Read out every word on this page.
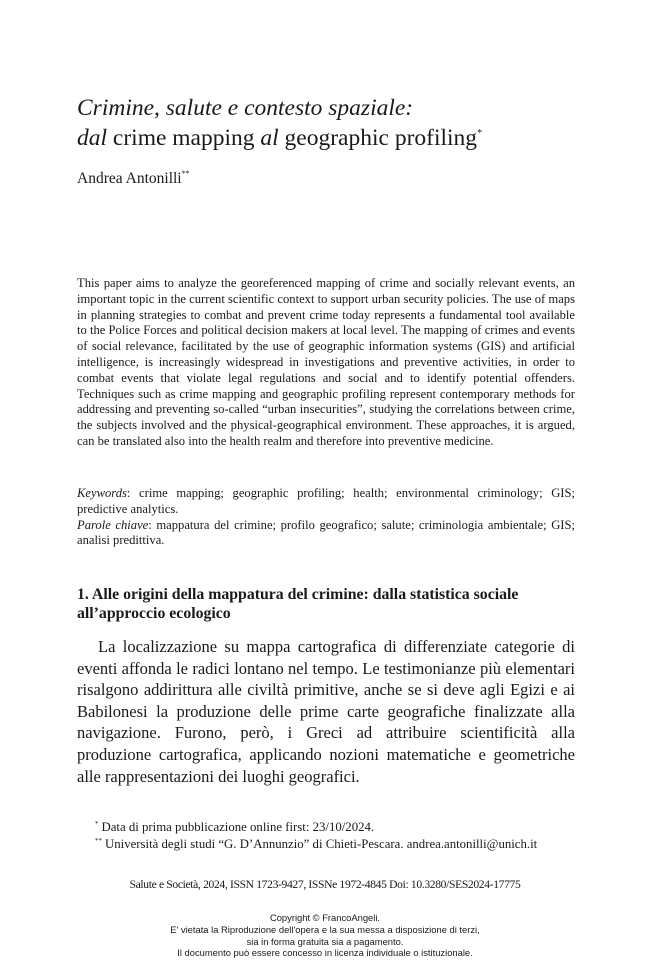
Crimine, salute e contesto spaziale:
dal crime mapping al geographic profiling*
Andrea Antonilli**

This paper aims to analyze the georeferenced mapping of crime and socially relevant events, an important topic in the current scientific context to support urban security policies. The use of maps in planning strategies to combat and prevent crime today represents a fundamental tool available to the Police Forces and political decision makers at local level. The mapping of crimes and events of social relevance, facilitated by the use of geographic information systems (GIS) and artificial intelligence, is increasingly widespread in investigations and preventive activities, in order to combat events that violate legal regulations and social and to identify potential offenders. Techniques such as crime mapping and geographic profiling represent contemporary methods for addressing and preventing so-called “urban insecurities”, studying the correlations between crime, the subjects involved and the physical-geographical environment. These approaches, it is argued, can be translated also into the health realm and therefore into preventive medicine.

Keywords: crime mapping; geographic profiling; health; environmental criminology; GIS; predictive analytics.
Parole chiave: mappatura del crimine; profilo geografico; salute; criminologia ambientale; GIS; analisi predittiva.
1. Alle origini della mappatura del crimine: dalla statistica sociale all’approccio ecologico

La localizzazione su mappa cartografica di differenziate categorie di eventi affonda le radici lontano nel tempo. Le testimonianze più elementari risalgono addirittura alle civiltà primitive, anche se si deve agli Egizi e ai Babilonesi la produzione delle prime carte geografiche finalizzate alla navigazione. Furono, però, i Greci ad attribuire scientificità alla produzione cartografica, applicando nozioni matematiche e geometriche alle rappresentazioni dei luoghi geografici.

* Data di prima pubblicazione online first: 23/10/2024.
** Università degli studi “G. D’Annunzio” di Chieti-Pescara. andrea.antonilli@unich.it
Salute e Società, 2024, ISSN 1723-9427, ISSNe 1972-4845 Doi: 10.3280/SES2024-17775
Copyright © FrancoAngeli.
E' vietata la Riproduzione dell'opera e la sua messa a disposizione di terzi,
sia in forma gratuita sia a pagamento.
Il documento può essere concesso in licenza individuale o istituzionale.
